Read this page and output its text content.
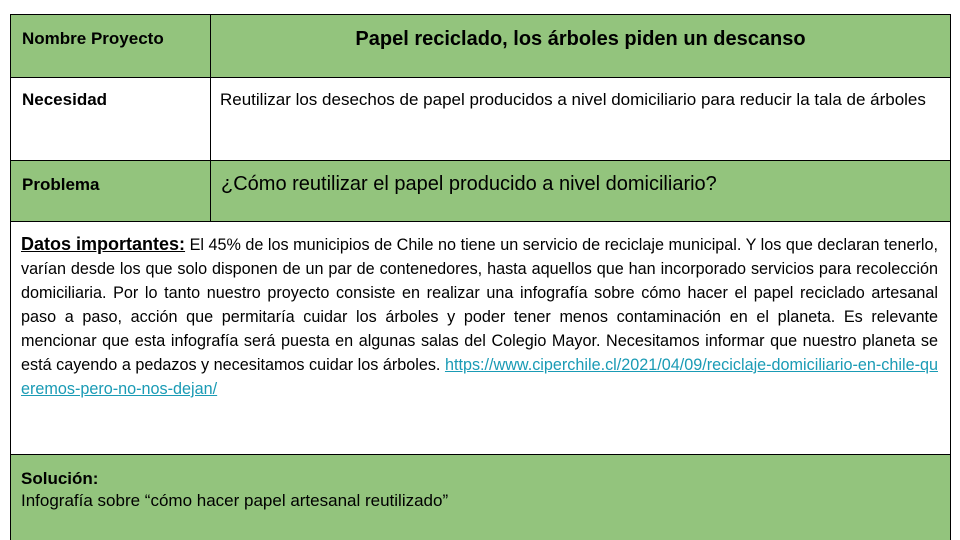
Nombre Proyecto	Papel reciclado, los árboles piden un descanso
Necesidad	Reutilizar los desechos de papel producidos a nivel domiciliario para reducir la tala de árboles
Problema	¿Cómo reutilizar el papel producido a nivel domiciliario?
Datos importantes: El 45% de los municipios de Chile no tiene un servicio de reciclaje municipal. Y los que declaran tenerlo, varían desde los que solo disponen de un par de contenedores, hasta aquellos que han incorporado servicios para recolección domiciliaria. Por lo tanto nuestro proyecto consiste en realizar una infografía sobre cómo hacer el papel reciclado artesanal paso a paso, acción que permitaría cuidar los árboles y poder tener menos contaminación en el planeta. Es relevante mencionar que esta infografía será puesta en algunas salas del Colegio Mayor. Necesitamos informar que nuestro planeta se está cayendo a pedazos y necesitamos cuidar los árboles. https://www.ciperchile.cl/2021/04/09/reciclaje-domiciliario-en-chile-queremos-pero-no-nos-dejan/	

Solución:
Infografía sobre “cómo hacer papel artesanal reutilizado”	
